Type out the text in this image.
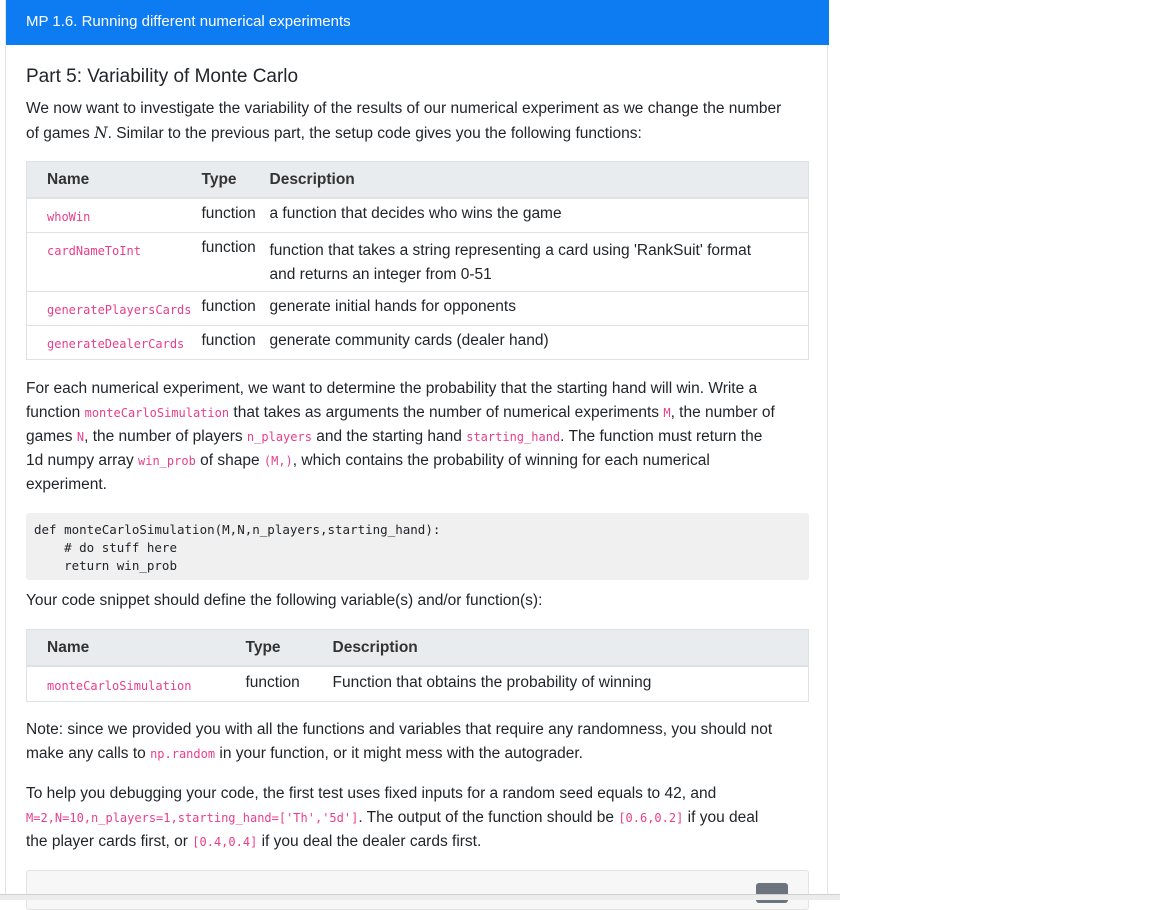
MP 1.6. Running different numerical experiments
Part 5: Variability of Monte Carlo

We now want to investigate the variability of the results of our numerical experiment as we change the number
of games N. Similar to the previous part, the setup code gives you the following functions:

Name	Type	Description
whoWin	function	a function that decides who wins the game
cardNameToInt	function	function that takes a string representing a card using 'RankSuit' format
and returns an integer from 0-51
generatePlayersCards	function	generate initial hands for opponents
generateDealerCards	function	generate community cards (dealer hand)

For each numerical experiment, we want to determine the probability that the starting hand will win. Write a
function monteCarloSimulation that takes as arguments the number of numerical experiments M, the number of
games N, the number of players n_players and the starting hand starting_hand. The function must return the
1d numpy array win_prob of shape (M,), which contains the probability of winning for each numerical
experiment.

def monteCarloSimulation(M,N,n_players,starting_hand):
# do stuff here
return win_prob

Your code snippet should define the following variable(s) and/or function(s):

Name	Type	Description
monteCarloSimulation	function	Function that obtains the probability of winning

Note: since we provided you with all the functions and variables that require any randomness, you should not
make any calls to np.random in your function, or it might mess with the autograder.

To help you debugging your code, the first test uses fixed inputs for a random seed equals to 42, and
M=2,N=10,n_players=1,starting_hand=['Th','5d']. The output of the function should be [0.6,0.2] if you deal
the player cards first, or [0.4,0.4] if you deal the dealer cards first.
